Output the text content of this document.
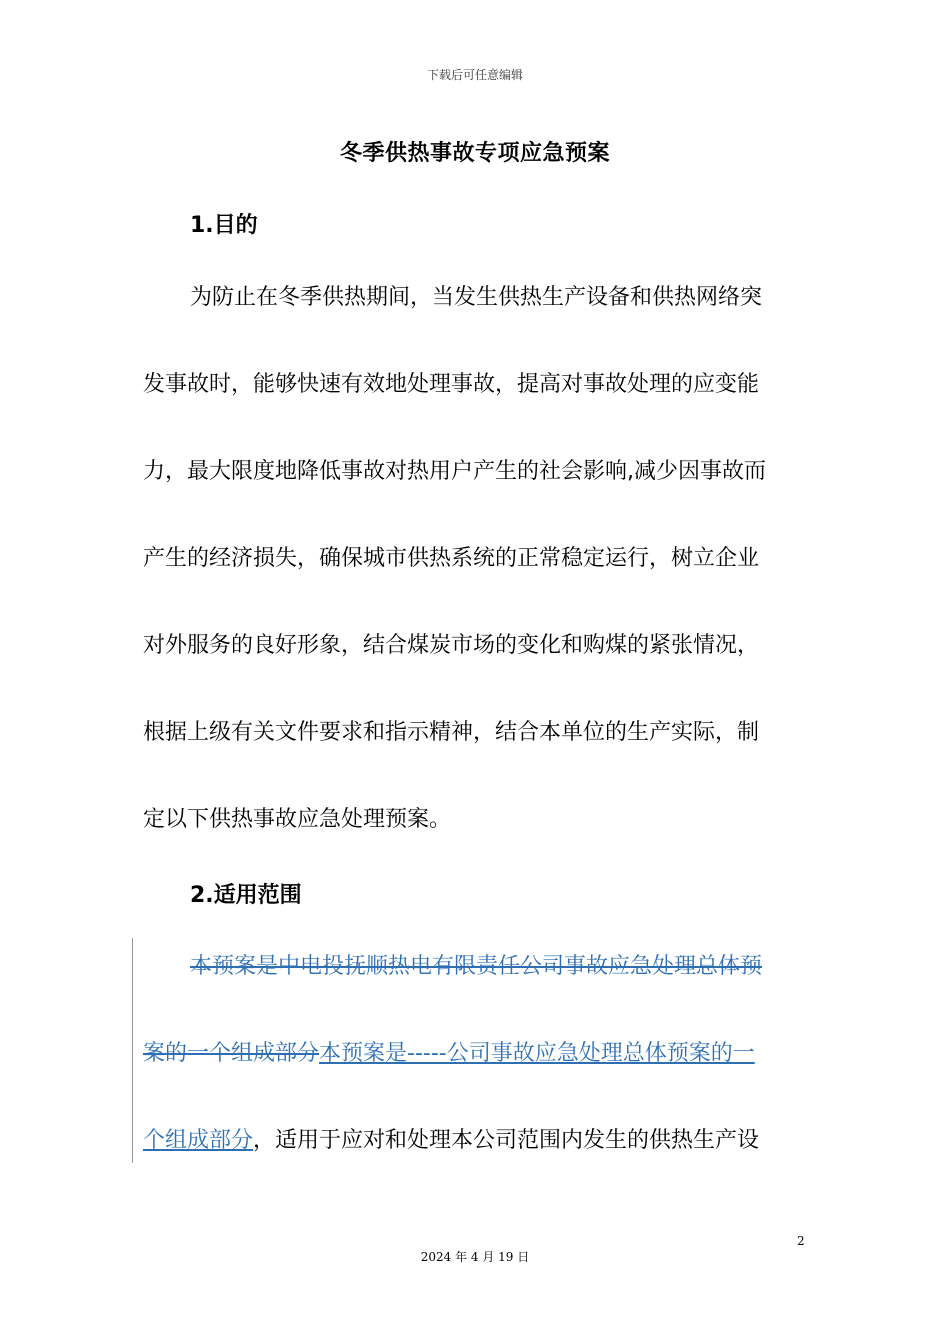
下载后可任意编辑
冬季供热事故专项应急预案
1.目的
为防止在冬季供热期间，当发生供热生产设备和供热网络突
发事故时，能够快速有效地处理事故，提高对事故处理的应变能
力，最大限度地降低事故对热用户产生的社会影响,减少因事故而
产生的经济损失，确保城市供热系统的正常稳定运行，树立企业
对外服务的良好形象，结合煤炭市场的变化和购煤的紧张情况，
根据上级有关文件要求和指示精神，结合本单位的生产实际，制
定以下供热事故应急处理预案。
2.适用范围
本预案是中电投抚顺热电有限责任公司事故应急处理总体预
案的一个组成部分本预案是-----公司事故应急处理总体预案的一
个组成部分，适用于应对和处理本公司范围内发生的供热生产设
2
2024 年 4 月 19 日
